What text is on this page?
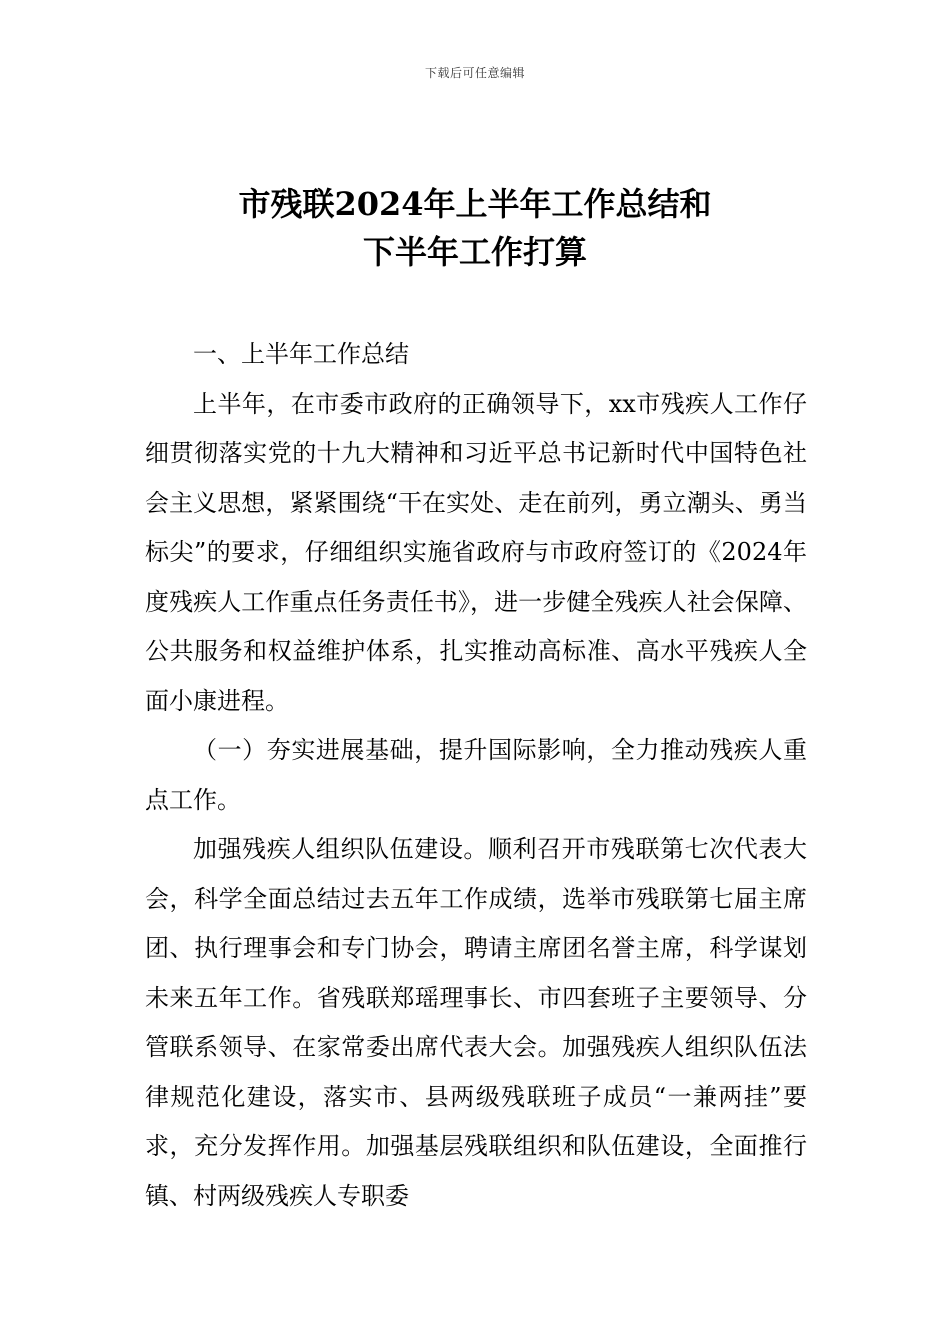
下载后可任意编辑
市残联2024年上半年工作总结和
下半年工作打算

一、上半年工作总结

上半年，在市委市政府的正确领导下，xx市残疾人工作仔细贯彻落实党的十九大精神和习近平总书记新时代中国特色社会主义思想，紧紧围绕“干在实处、走在前列，勇立潮头、勇当标尖”的要求，仔细组织实施省政府与市政府签订的《2024年度残疾人工作重点任务责任书》，进一步健全残疾人社会保障、公共服务和权益维护体系，扎实推动高标准、高水平残疾人全面小康进程。

（一）夯实进展基础，提升国际影响，全力推动残疾人重点工作。

加强残疾人组织队伍建设。顺利召开市残联第七次代表大会，科学全面总结过去五年工作成绩，选举市残联第七届主席团、执行理事会和专门协会，聘请主席团名誉主席，科学谋划未来五年工作。省残联郑瑶理事长、市四套班子主要领导、分管联系领导、在家常委出席代表大会。加强残疾人组织队伍法律规范化建设，落实市、县两级残联班子成员“一兼两挂”要求，充分发挥作用。加强基层残联组织和队伍建设，全面推行镇、村两级残疾人专职委
